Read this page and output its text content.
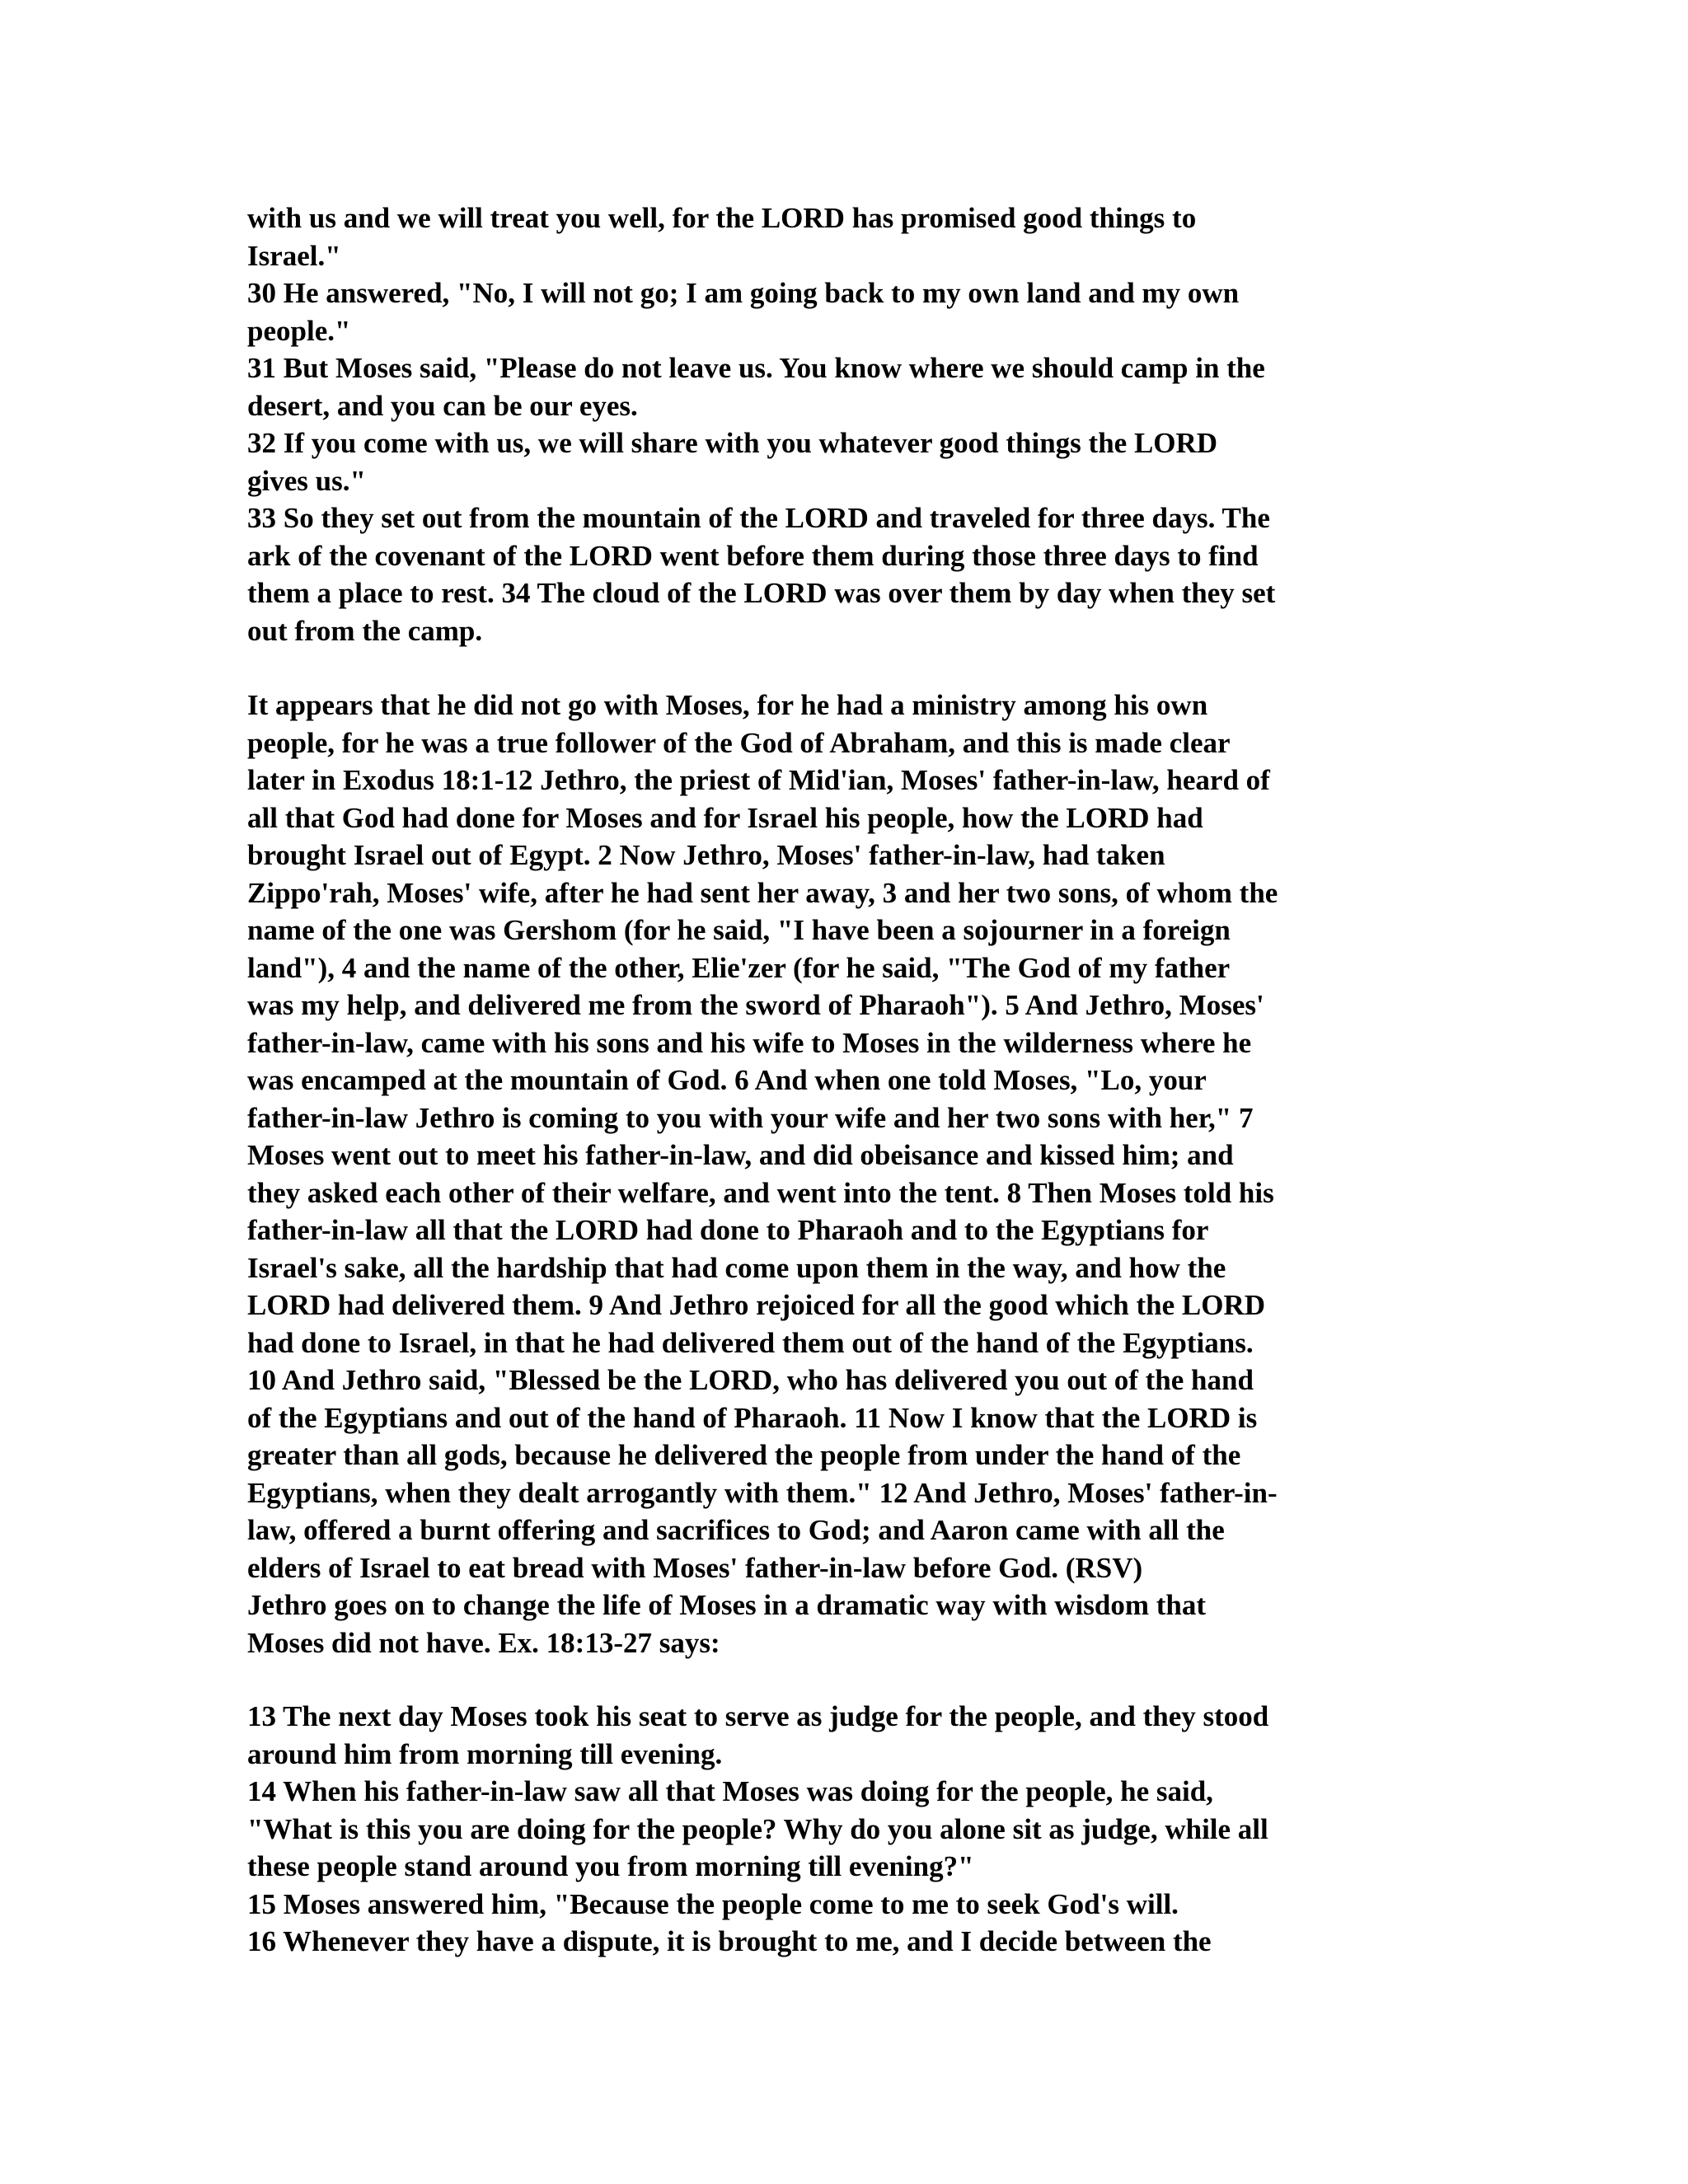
with us and we will treat you well, for the LORD has promised good things to
Israel."
30 He answered, "No, I will not go; I am going back to my own land and my own
people."
31 But Moses said, "Please do not leave us. You know where we should camp in the
desert, and you can be our eyes.
32 If you come with us, we will share with you whatever good things the LORD
gives us."
33 So they set out from the mountain of the LORD and traveled for three days. The
ark of the covenant of the LORD went before them during those three days to find
them a place to rest. 34 The cloud of the LORD was over them by day when they set
out from the camp.
It appears that he did not go with Moses, for he had a ministry among his own
people, for he was a true follower of the God of Abraham, and this is made clear
later in Exodus 18:1-12 Jethro, the priest of Mid'ian, Moses' father-in-law, heard of
all that God had done for Moses and for Israel his people, how the LORD had
brought Israel out of Egypt. 2 Now Jethro, Moses' father-in-law, had taken
Zippo'rah, Moses' wife, after he had sent her away, 3 and her two sons, of whom the
name of the one was Gershom (for he said, "I have been a sojourner in a foreign
land"), 4 and the name of the other, Elie'zer (for he said, "The God of my father
was my help, and delivered me from the sword of Pharaoh"). 5 And Jethro, Moses'
father-in-law, came with his sons and his wife to Moses in the wilderness where he
was encamped at the mountain of God. 6 And when one told Moses, "Lo, your
father-in-law Jethro is coming to you with your wife and her two sons with her," 7
Moses went out to meet his father-in-law, and did obeisance and kissed him; and
they asked each other of their welfare, and went into the tent. 8 Then Moses told his
father-in-law all that the LORD had done to Pharaoh and to the Egyptians for
Israel's sake, all the hardship that had come upon them in the way, and how the
LORD had delivered them. 9 And Jethro rejoiced for all the good which the LORD
had done to Israel, in that he had delivered them out of the hand of the Egyptians.
10 And Jethro said, "Blessed be the LORD, who has delivered you out of the hand
of the Egyptians and out of the hand of Pharaoh. 11 Now I know that the LORD is
greater than all gods, because he delivered the people from under the hand of the
Egyptians, when they dealt arrogantly with them." 12 And Jethro, Moses' father-in-
law, offered a burnt offering and sacrifices to God; and Aaron came with all the
elders of Israel to eat bread with Moses' father-in-law before God. (RSV)
Jethro goes on to change the life of Moses in a dramatic way with wisdom that
Moses did not have. Ex. 18:13-27 says:
13 The next day Moses took his seat to serve as judge for the people, and they stood
around him from morning till evening.
14 When his father-in-law saw all that Moses was doing for the people, he said,
"What is this you are doing for the people? Why do you alone sit as judge, while all
these people stand around you from morning till evening?"
15 Moses answered him, "Because the people come to me to seek God's will.
16 Whenever they have a dispute, it is brought to me, and I decide between the
